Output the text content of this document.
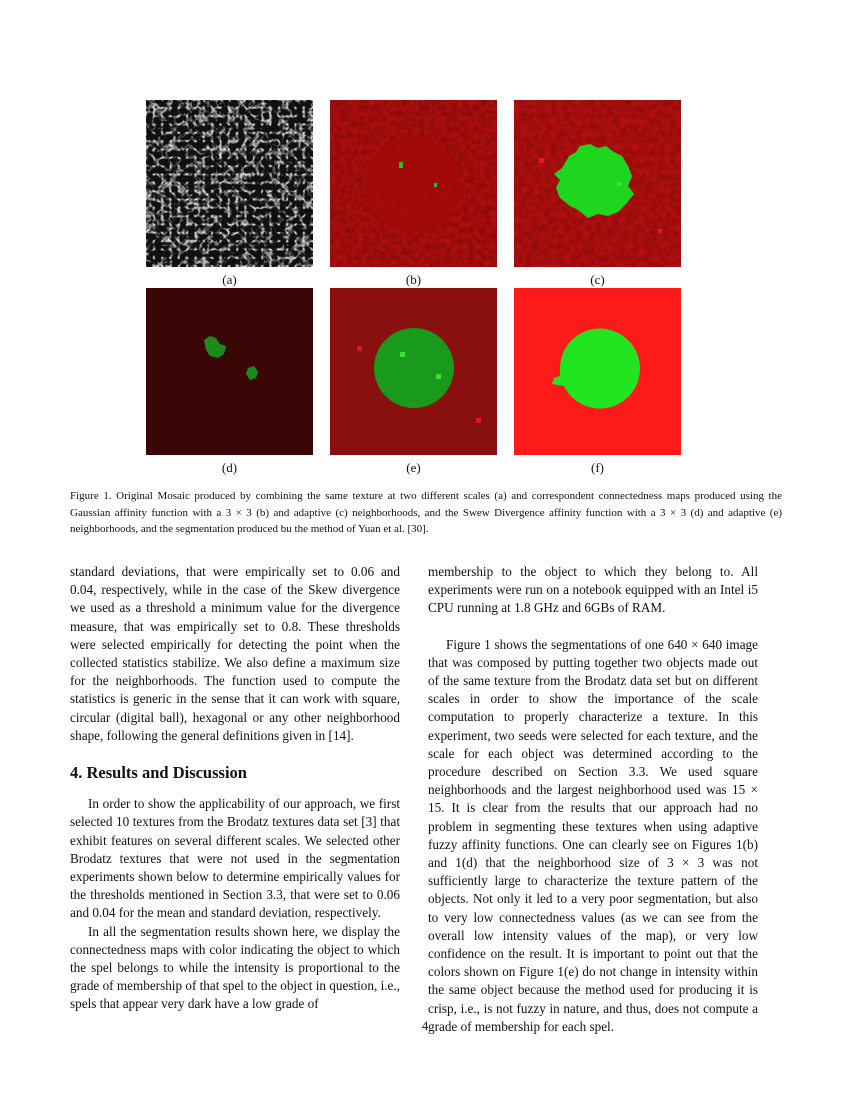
(a)	(b)	(c)
(d)	(e)	(f)
Figure 1. Original Mosaic produced by combining the same texture at two different scales (a) and correspondent connectedness maps produced using the Gaussian affinity function with a 3 × 3 (b) and adaptive (c) neighborhoods, and the Swew Divergence affinity function with a 3 × 3 (d) and adaptive (e) neighborhoods, and the segmentation produced bu the method of Yuan et al. [30].

standard deviations, that were empirically set to 0.06 and 0.04, respectively, while in the case of the Skew divergence we used as a threshold a minimum value for the divergence measure, that was empirically set to 0.8. These thresholds were selected empirically for detecting the point when the collected statistics stabilize. We also define a maximum size for the neighborhoods. The function used to compute the statistics is generic in the sense that it can work with square, circular (digital ball), hexagonal or any other neighborhood shape, following the general definitions given in [14].

4. Results and Discussion

In order to show the applicability of our approach, we first selected 10 textures from the Brodatz textures data set [3] that exhibit features on several different scales. We selected other Brodatz textures that were not used in the segmentation experiments shown below to determine empirically values for the thresholds mentioned in Section 3.3, that were set to 0.06 and 0.04 for the mean and standard deviation, respectively.

In all the segmentation results shown here, we display the connectedness maps with color indicating the object to which the spel belongs to while the intensity is proportional to the grade of membership of that spel to the object in question, i.e., spels that appear very dark have a low grade of

membership to the object to which they belong to. All experiments were run on a notebook equipped with an Intel i5 CPU running at 1.8 GHz and 6GBs of RAM.

Figure 1 shows the segmentations of one 640 × 640 image that was composed by putting together two objects made out of the same texture from the Brodatz data set but on different scales in order to show the importance of the scale computation to properly characterize a texture. In this experiment, two seeds were selected for each texture, and the scale for each object was determined according to the procedure described on Section 3.3. We used square neighborhoods and the largest neighborhood used was 15 × 15. It is clear from the results that our approach had no problem in segmenting these textures when using adaptive fuzzy affinity functions. One can clearly see on Figures 1(b) and 1(d) that the neighborhood size of 3 × 3 was not sufficiently large to characterize the texture pattern of the objects. Not only it led to a very poor segmentation, but also to very low connectedness values (as we can see from the overall low intensity values of the map), or very low confidence on the result. It is important to point out that the colors shown on Figure 1(e) do not change in intensity within the same object because the method used for producing it is crisp, i.e., is not fuzzy in nature, and thus, does not compute a grade of membership for each spel.

4
